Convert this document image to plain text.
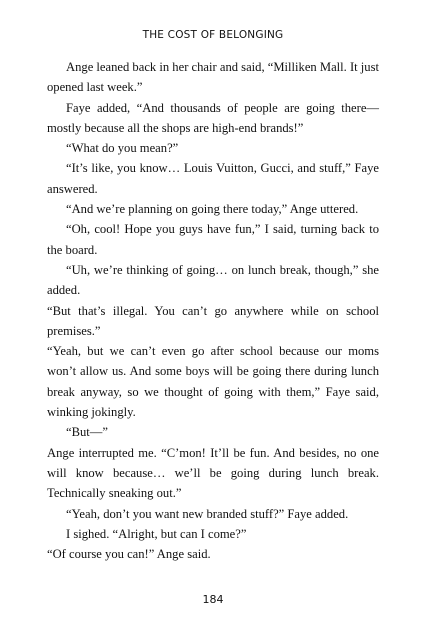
THE COST OF BELONGING

Ange leaned back in her chair and said, “Milliken Mall. It just opened last week.”

Faye added, “And thousands of people are going there—mostly because all the shops are high-end brands!”

“What do you mean?”

“It’s like, you know… Louis Vuitton, Gucci, and stuff,” Faye answered.

“And we’re planning on going there today,” Ange uttered.

“Oh, cool! Hope you guys have fun,” I said, turning back to the board.

“Uh, we’re thinking of going… on lunch break, though,” she added.

“But that’s illegal. You can’t go anywhere while on school premises.”

“Yeah, but we can’t even go after school because our moms won’t allow us. And some boys will be going there during lunch break anyway, so we thought of going with them,” Faye said, winking jokingly.

“But—”

Ange interrupted me. “C’mon! It’ll be fun. And besides, no one will know because… we’ll be going during lunch break. Technically sneaking out.”

“Yeah, don’t you want new branded stuff?” Faye added.

I sighed. “Alright, but can I come?”

“Of course you can!” Ange said.

184
